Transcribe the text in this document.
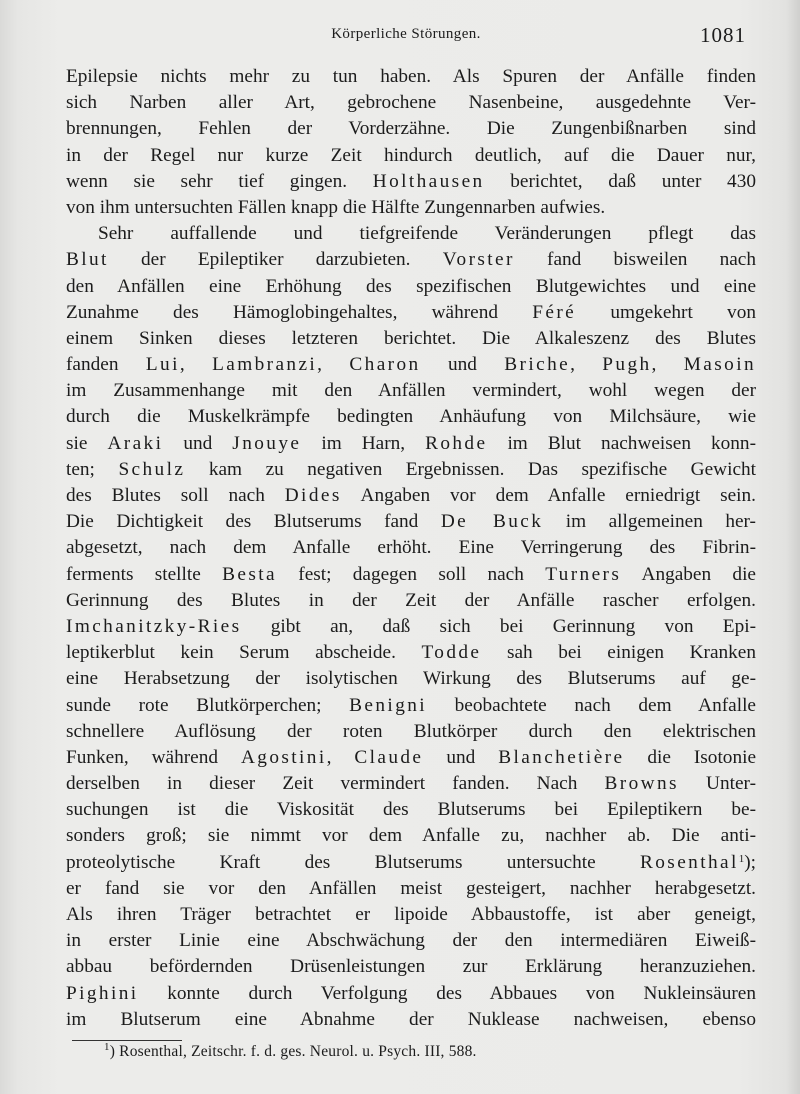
Körperliche Störungen.	1081
Epilepsie nichts mehr zu tun haben. Als Spuren der Anfälle finden
sich Narben aller Art, gebrochene Nasenbeine, ausgedehnte Ver-
brennungen, Fehlen der Vorderzähne. Die Zungenbißnarben sind
in der Regel nur kurze Zeit hindurch deutlich, auf die Dauer nur,
wenn sie sehr tief gingen. Holthausen berichtet, daß unter 430
von ihm untersuchten Fällen knapp die Hälfte Zungennarben aufwies.
Sehr auffallende und tiefgreifende Veränderungen pflegt das
Blut der Epileptiker darzubieten. Vorster fand bisweilen nach
den Anfällen eine Erhöhung des spezifischen Blutgewichtes und eine
Zunahme des Hämoglobingehaltes, während Féré umgekehrt von
einem Sinken dieses letzteren berichtet. Die Alkaleszenz des Blutes
fanden Lui, Lambranzi, Charon und Briche, Pugh, Masoin
im Zusammenhange mit den Anfällen vermindert, wohl wegen der
durch die Muskelkrämpfe bedingten Anhäufung von Milchsäure, wie
sie Araki und Jnouye im Harn, Rohde im Blut nachweisen konn-
ten; Schulz kam zu negativen Ergebnissen. Das spezifische Gewicht
des Blutes soll nach Dides Angaben vor dem Anfalle erniedrigt sein.
Die Dichtigkeit des Blutserums fand De Buck im allgemeinen her-
abgesetzt, nach dem Anfalle erhöht. Eine Verringerung des Fibrin-
ferments stellte Besta fest; dagegen soll nach Turners Angaben die
Gerinnung des Blutes in der Zeit der Anfälle rascher erfolgen.
Imchanitzky-Ries gibt an, daß sich bei Gerinnung von Epi-
leptikerblut kein Serum abscheide. Todde sah bei einigen Kranken
eine Herabsetzung der isolytischen Wirkung des Blutserums auf ge-
sunde rote Blutkörperchen; Benigni beobachtete nach dem Anfalle
schnellere Auflösung der roten Blutkörper durch den elektrischen
Funken, während Agostini, Claude und Blanchetière die Isotonie
derselben in dieser Zeit vermindert fanden. Nach Browns Unter-
suchungen ist die Viskosität des Blutserums bei Epileptikern be-
sonders groß; sie nimmt vor dem Anfalle zu, nachher ab. Die anti-
proteolytische Kraft des Blutserums untersuchte Rosenthal$^1$);
er fand sie vor den Anfällen meist gesteigert, nachher herabgesetzt.
Als ihren Träger betrachtet er lipoide Abbaustoffe, ist aber geneigt,
in erster Linie eine Abschwächung der den intermediären Eiweiß-
abbau befördernden Drüsenleistungen zur Erklärung heranzuziehen.
Pighini konnte durch Verfolgung des Abbaues von Nukleinsäuren
im Blutserum eine Abnahme der Nuklease nachweisen, ebenso
$^1$) Rosenthal, Zeitschr. f. d. ges. Neurol. u. Psych. III, 588.
